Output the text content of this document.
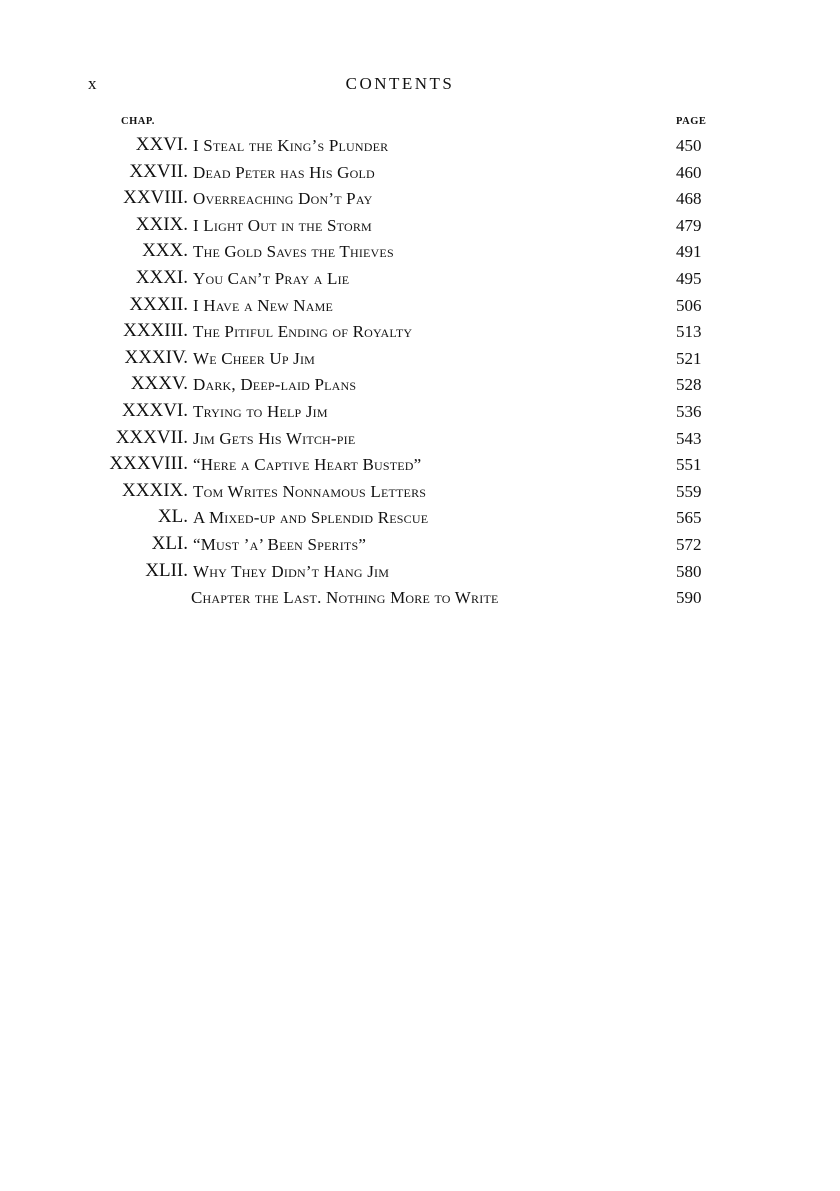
x	CONTENTS
CHAP.	PAGE
XXVI. I Steal the King’s Plunder	450
XXVII. Dead Peter has His Gold	460
XXVIII. Overreaching Don’t Pay	468
XXIX. I Light Out in the Storm	479
XXX. The Gold Saves the Thieves	491
XXXI. You Can’t Pray a Lie	495
XXXII. I Have a New Name	506
XXXIII. The Pitiful Ending of Royalty	513
XXXIV. We Cheer Up Jim	521
XXXV. Dark, Deep-laid Plans	528
XXXVI. Trying to Help Jim	536
XXXVII. Jim Gets His Witch-pie	543
XXXVIII. “Here a Captive Heart Busted”	551
XXXIX. Tom Writes Nonnamous Letters	559
XL. A Mixed-up and Splendid Rescue	565
XLI. “Must ’a’ Been Sperits”	572
XLII. Why They Didn’t Hang Jim	580
Chapter the Last. Nothing More to Write	590
